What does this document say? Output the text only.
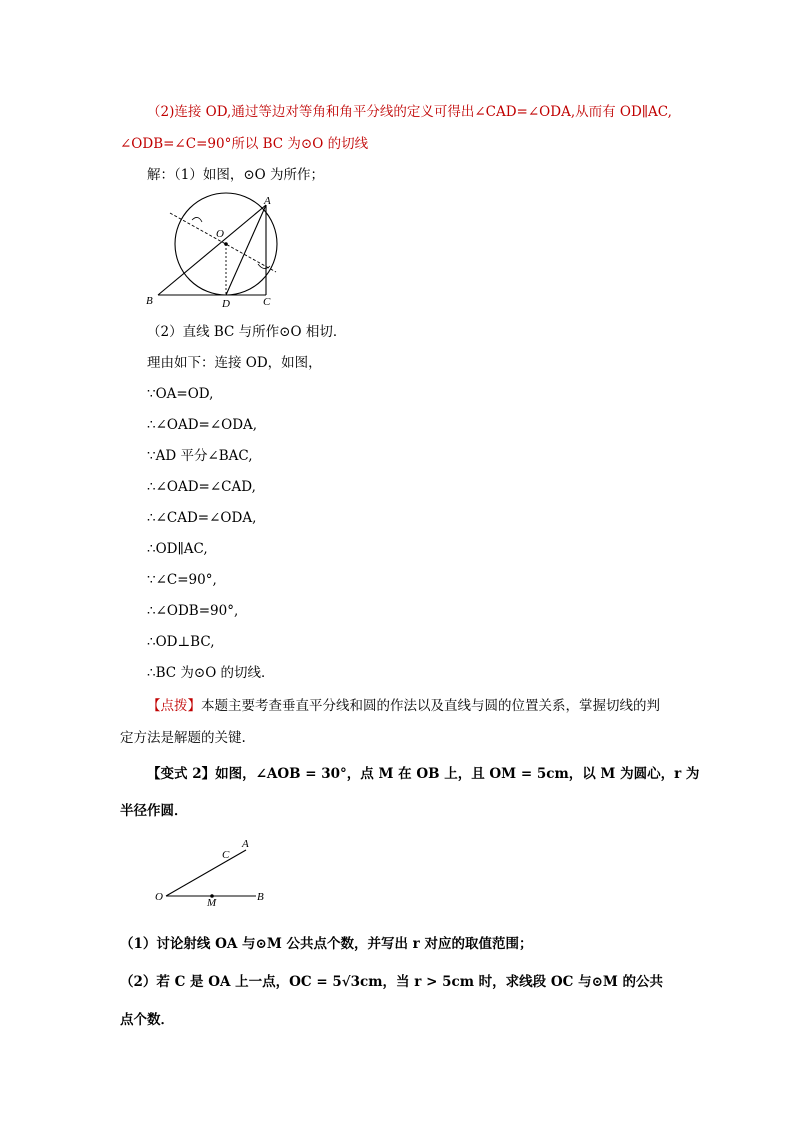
（2)连接 OD,通过等边对等角和角平分线的定义可得出∠CAD=∠ODA,从而有 OD∥AC,
∠ODB=∠C=90°所以 BC 为⊙O 的切线
解：（1）如图，⊙O 为所作；
A
O
B	D	C
（2）直线 BC 与所作⊙O 相切．
理由如下：连接 OD，如图，
∵OA=OD,
∴∠OAD=∠ODA,
∵AD 平分∠BAC,
∴∠OAD=∠CAD,
∴∠CAD=∠ODA,
∴OD∥AC,
∵∠C=90°,
∴∠ODB=90°,
∴OD⊥BC,
∴BC 为⊙O 的切线．
【点拨】本题主要考查垂直平分线和圆的作法以及直线与圆的位置关系，掌握切线的判
定方法是解题的关键.
【变式 2】如图，∠AOB = 30°，点 M 在 OB 上，且 OM = 5cm，以 M 为圆心，r 为
半径作圆．
A
C
O	M	B
（1）讨论射线 OA 与⊙M 公共点个数，并写出 r 对应的取值范围；
（2）若 C 是 OA 上一点，OC = 5√3cm，当 r > 5cm 时，求线段 OC 与⊙M 的公共
点个数．
